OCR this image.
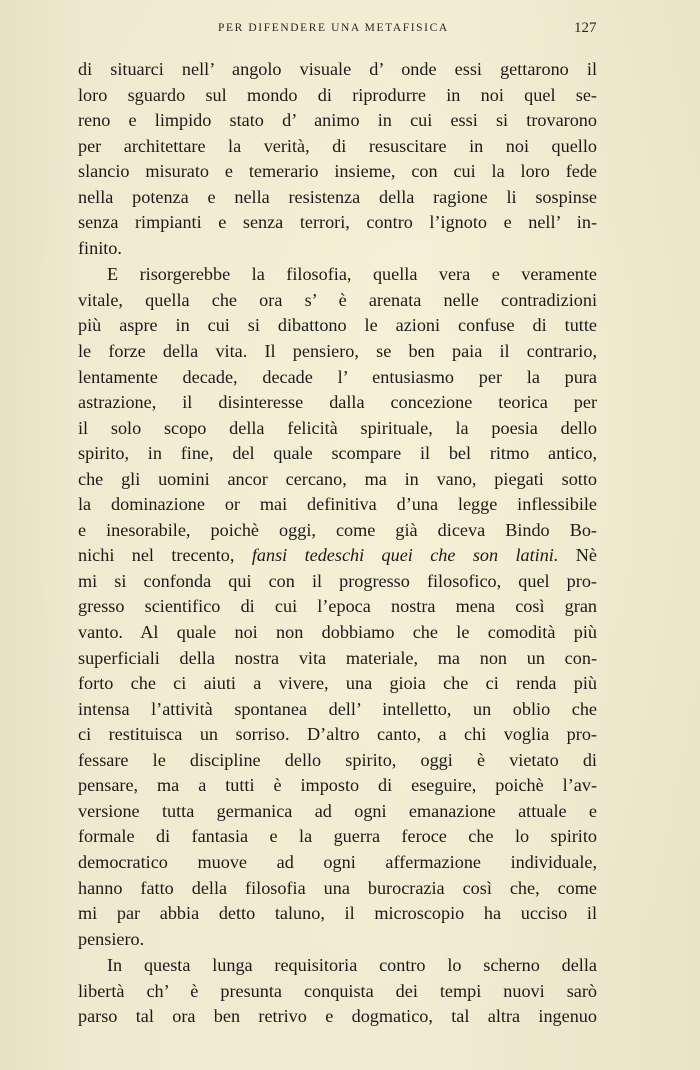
PER DIFENDERE UNA METAFISICA	127
di situarci nell’ angolo visuale d’ onde essi gettarono il
loro sguardo sul mondo di riprodurre in noi quel se-
reno e limpido stato d’ animo in cui essi si trovarono
per architettare la verità, di resuscitare in noi quello
slancio misurato e temerario insieme, con cui la loro fede
nella potenza e nella resistenza della ragione li sospinse
senza rimpianti e senza terrori, contro l’ignoto e nell’ in-
finito.
E risorgerebbe la filosofia, quella vera e veramente
vitale, quella che ora s’ è arenata nelle contradizioni
più aspre in cui si dibattono le azioni confuse di tutte
le forze della vita. Il pensiero, se ben paia il contrario,
lentamente decade, decade l’ entusiasmo per la pura
astrazione, il disinteresse dalla concezione teorica per
il solo scopo della felicità spirituale, la poesia dello
spirito, in fine, del quale scompare il bel ritmo antico,
che gli uomini ancor cercano, ma in vano, piegati sotto
la dominazione or mai definitiva d’una legge inflessibile
e inesorabile, poichè oggi, come già diceva Bindo Bo-
nichi nel trecento, fansi tedeschi quei che son latini. Nè
mi si confonda qui con il progresso filosofico, quel pro-
gresso scientifico di cui l’epoca nostra mena così gran
vanto. Al quale noi non dobbiamo che le comodità più
superficiali della nostra vita materiale, ma non un con-
forto che ci aiuti a vivere, una gioia che ci renda più
intensa l’attività spontanea dell’ intelletto, un oblio che
ci restituisca un sorriso. D’altro canto, a chi voglia pro-
fessare le discipline dello spirito, oggi è vietato di
pensare, ma a tutti è imposto di eseguire, poichè l’av-
versione tutta germanica ad ogni emanazione attuale e
formale di fantasia e la guerra feroce che lo spirito
democratico muove ad ogni affermazione individuale,
hanno fatto della filosofia una burocrazia così che, come
mi par abbia detto taluno, il microscopio ha ucciso il
pensiero.
In questa lunga requisitoria contro lo scherno della
libertà ch’ è presunta conquista dei tempi nuovi sarò
parso tal ora ben retrivo e dogmatico, tal altra ingenuo
